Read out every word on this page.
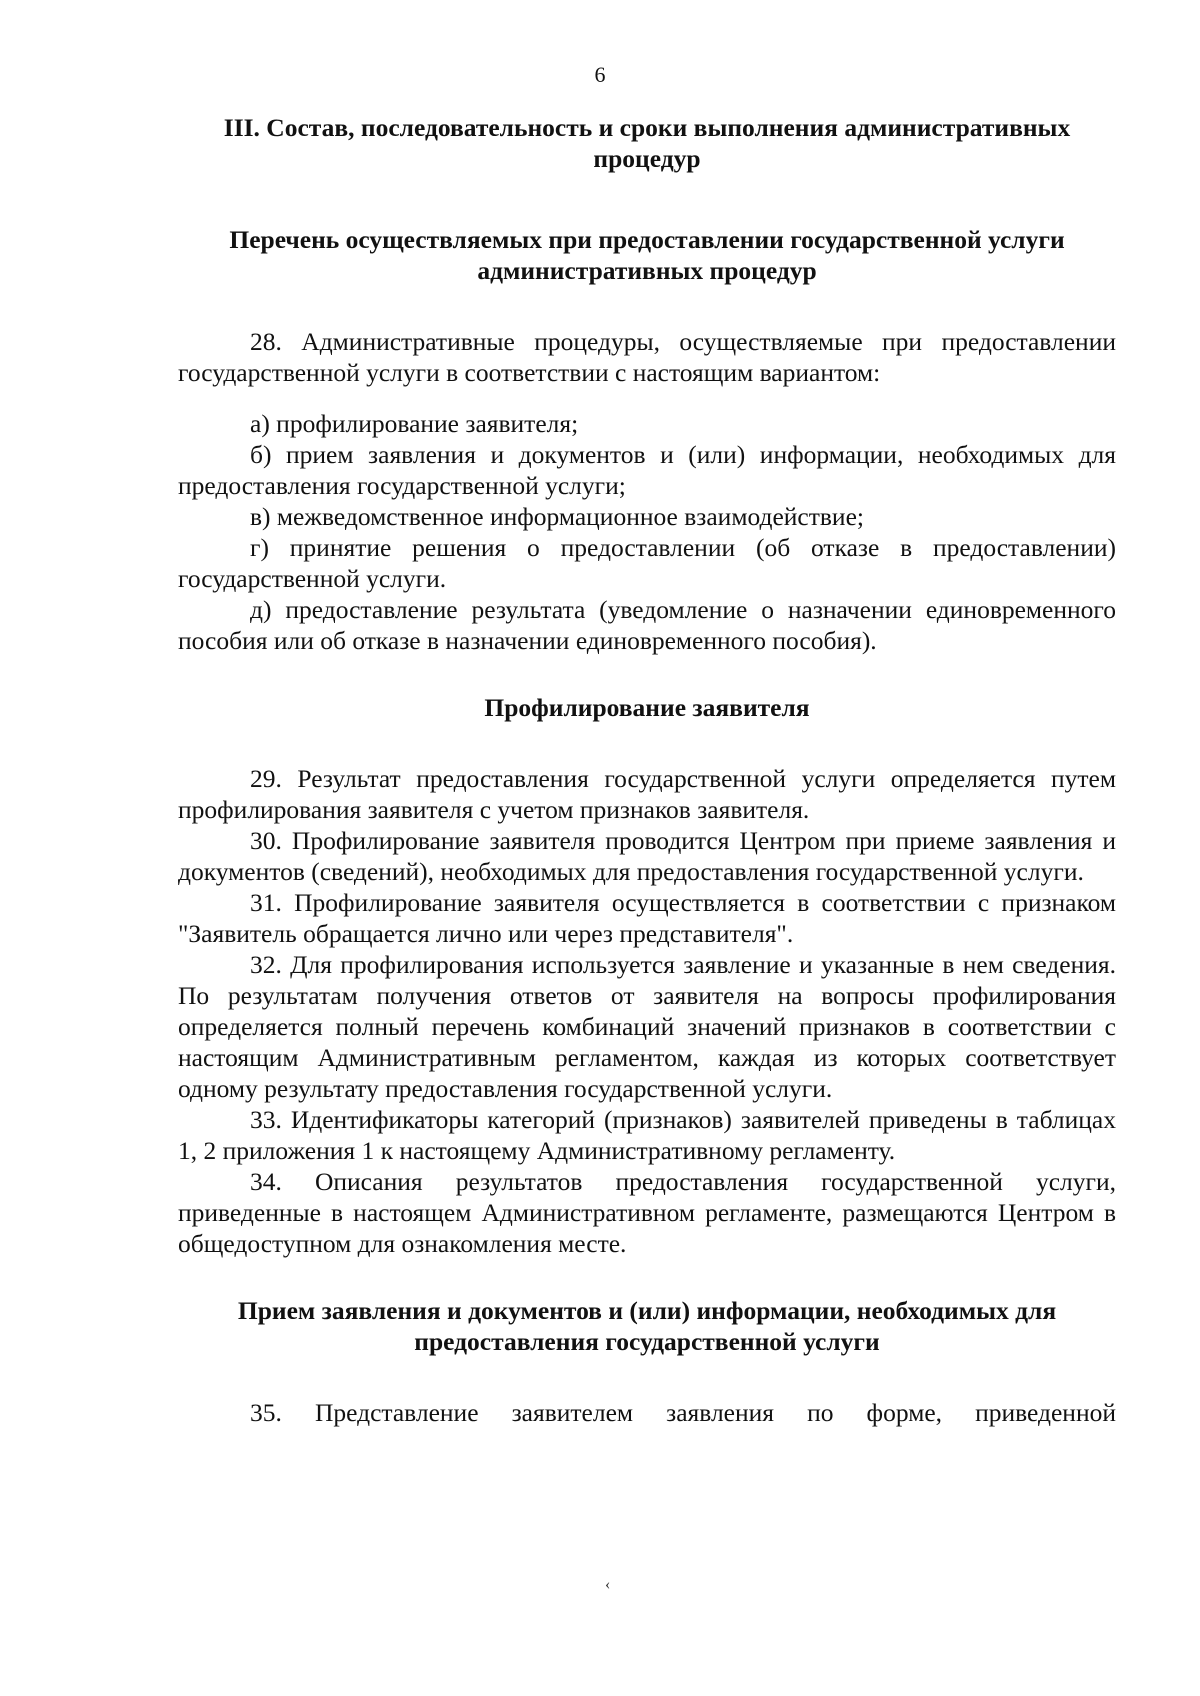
6

III. Состав, последовательность и сроки выполнения административных процедур

Перечень осуществляемых при предоставлении государственной услуги административных процедур

28. Административные процедуры, осуществляемые при предоставлении государственной услуги в соответствии с настоящим вариантом:

а) профилирование заявителя;

б) прием заявления и документов и (или) информации, необходимых для предоставления государственной услуги;

в) межведомственное информационное взаимодействие;

г) принятие решения о предоставлении (об отказе в предоставлении) государственной услуги.

д) предоставление результата (уведомление о назначении единовременного пособия или об отказе в назначении единовременного пособия).

Профилирование заявителя

29. Результат предоставления государственной услуги определяется путем профилирования заявителя с учетом признаков заявителя.

30. Профилирование заявителя проводится Центром при приеме заявления и документов (сведений), необходимых для предоставления государственной услуги.

31. Профилирование заявителя осуществляется в соответствии с признаком "Заявитель обращается лично или через представителя".

32. Для профилирования используется заявление и указанные в нем сведения. По результатам получения ответов от заявителя на вопросы профилирования определяется полный перечень комбинаций значений признаков в соответствии с настоящим Административным регламентом, каждая из которых соответствует одному результату предоставления государственной услуги.

33. Идентификаторы категорий (признаков) заявителей приведены в таблицах 1, 2 приложения 1 к настоящему Административному регламенту.

34. Описания результатов предоставления государственной услуги, приведенные в настоящем Административном регламенте, размещаются Центром в общедоступном для ознакомления месте.

Прием заявления и документов и (или) информации, необходимых для предоставления государственной услуги

35. Представление заявителем заявления по форме, приведенной

‹
